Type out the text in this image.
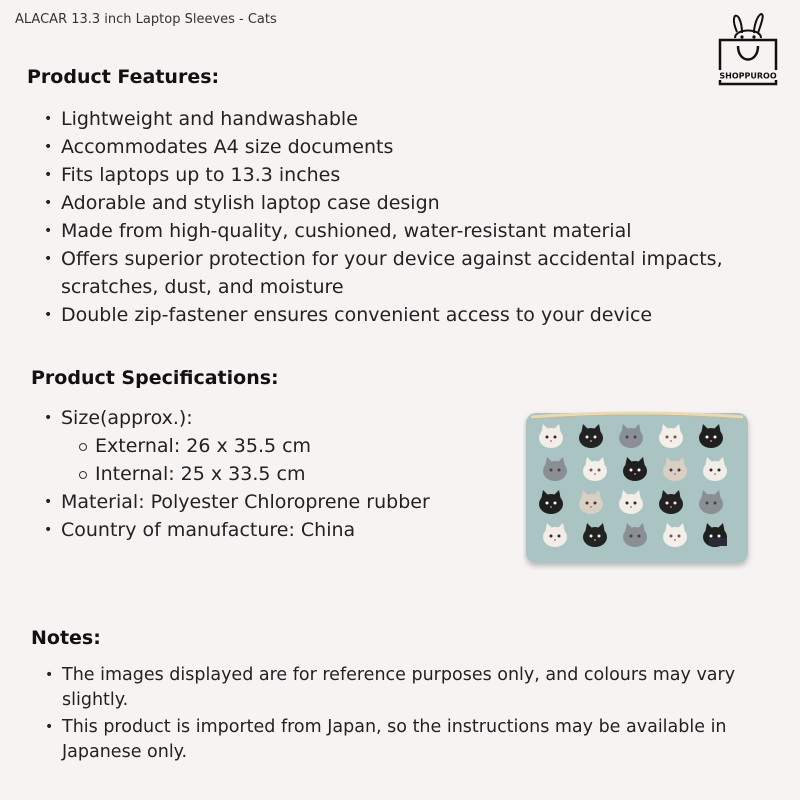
ALACAR 13.3 inch Laptop Sleeves - Cats
SHOPPUROO
Product Features:
• Lightweight and handwashable
• Accommodates A4 size documents
• Fits laptops up to 13.3 inches
• Adorable and stylish laptop case design
• Made from high-quality, cushioned, water-resistant material
• Offers superior protection for your device against accidental impacts,
scratches, dust, and moisture
• Double zip-fastener ensures convenient access to your device
Product Specifications:
• Size(approx.):
External: 26 x 35.5 cm
Internal: 25 x 33.5 cm
• Material: Polyester Chloroprene rubber
• Country of manufacture: China
Notes:
• The images displayed are for reference purposes only, and colours may vary
slightly.
• This product is imported from Japan, so the instructions may be available in
Japanese only.
